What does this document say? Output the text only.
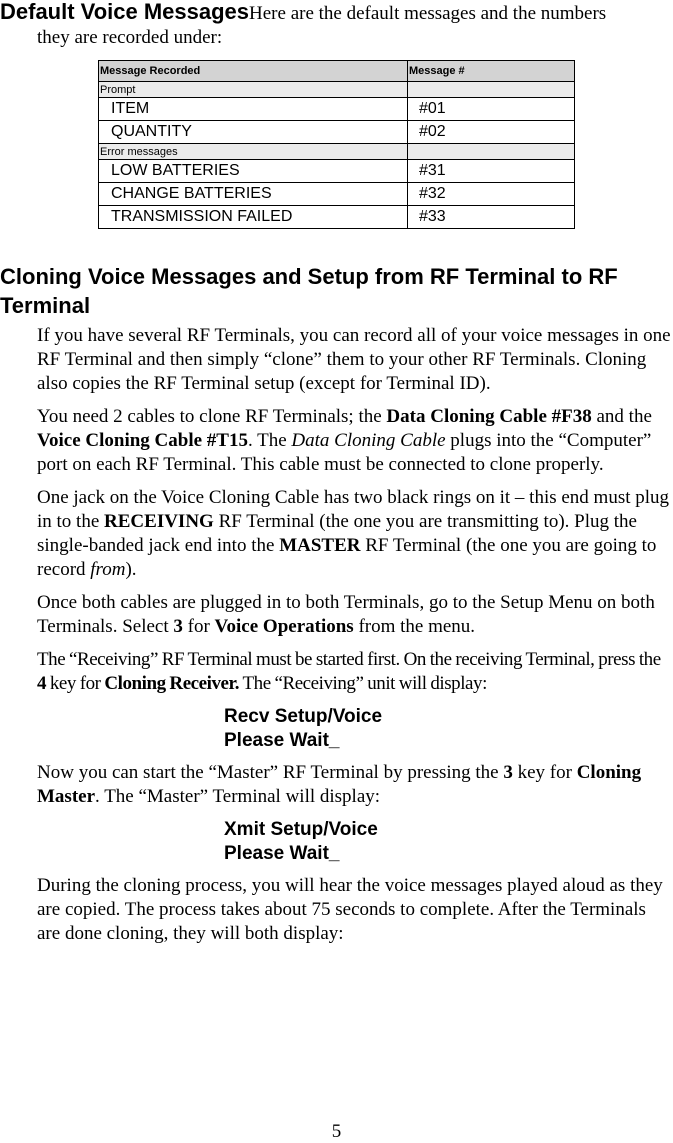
Default Voice MessagesHere are the default messages and the numbers
they are recorded under:
Message Recorded	Message #
Prompt	
ITEM	#01
QUANTITY	#02
Error messages	
LOW BATTERIES	#31
CHANGE BATTERIES	#32
TRANSMISSION FAILED	#33
Cloning Voice Messages and Setup from RF Terminal to RF Terminal

If you have several RF Terminals, you can record all of your voice messages in one RF Terminal and then simply “clone” them to your other RF Terminals. Cloning also copies the RF Terminal setup (except for Terminal ID).

You need 2 cables to clone RF Terminals; the Data Cloning Cable #F38 and the Voice Cloning Cable #T15. The Data Cloning Cable plugs into the “Computer” port on each RF Terminal. This cable must be connected to clone properly.

One jack on the Voice Cloning Cable has two black rings on it – this end must plug in to the RECEIVING RF Terminal (the one you are transmitting to). Plug the single-banded jack end into the MASTER RF Terminal (the one you are going to record from).

Once both cables are plugged in to both Terminals, go to the Setup Menu on both Terminals. Select 3 for Voice Operations from the menu.

The “Receiving” RF Terminal must be started first. On the receiving Terminal, press the 4 key for Cloning Receiver. The “Receiving” unit will display:

Recv Setup/Voice
Please Wait_

Now you can start the “Master” RF Terminal by pressing the 3 key for Cloning Master. The “Master” Terminal will display:

Xmit Setup/Voice
Please Wait_

During the cloning process, you will hear the voice messages played aloud as they are copied. The process takes about 75 seconds to complete. After the Terminals are done cloning, they will both display:

5
